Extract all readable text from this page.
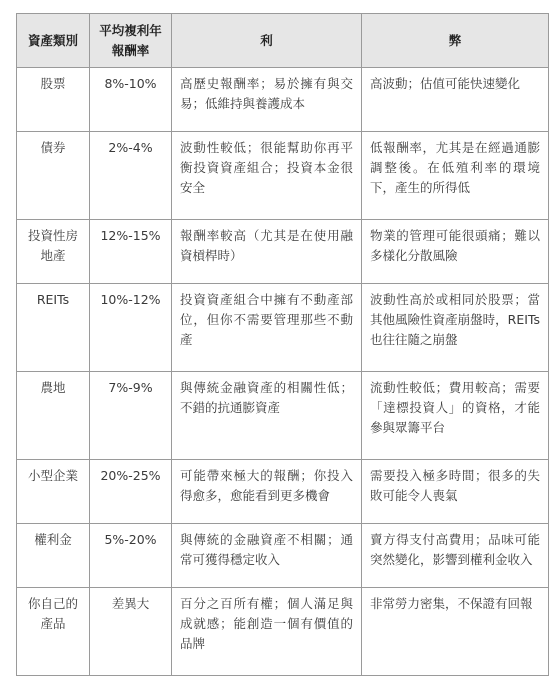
資產類別	平均複利年報酬率	利	弊
股票	8%-10%	高歷史報酬率；易於擁有與交易；低維持與養護成本	高波動；估值可能快速變化
債券	2%-4%	波動性較低；很能幫助你再平衡投資資產組合；投資本金很安全	低報酬率，尤其是在經過通膨調整後。在低殖利率的環境下，產生的所得低
投資性房地產	12%-15%	報酬率較高（尤其是在使用融資槓桿時）	物業的管理可能很頭痛；難以多樣化分散風險
REITs	10%-12%	投資資產組合中擁有不動產部位，但你不需要管理那些不動產	波動性高於或相同於股票；當其他風險性資產崩盤時，REITs也往往隨之崩盤
農地	7%-9%	與傳統金融資產的相關性低；不錯的抗通膨資產	流動性較低；費用較高；需要「達標投資人」的資格，才能參與眾籌平台
小型企業	20%-25%	可能帶來極大的報酬；你投入得愈多，愈能看到更多機會	需要投入極多時間；很多的失敗可能令人喪氣
權利金	5%-20%	與傳統的金融資產不相關；通常可獲得穩定收入	賣方得支付高費用；品味可能突然變化，影響到權利金收入
你自己的產品	差異大	百分之百所有權；個人滿足與成就感；能創造一個有價值的品牌	非常勞力密集，不保證有回報
